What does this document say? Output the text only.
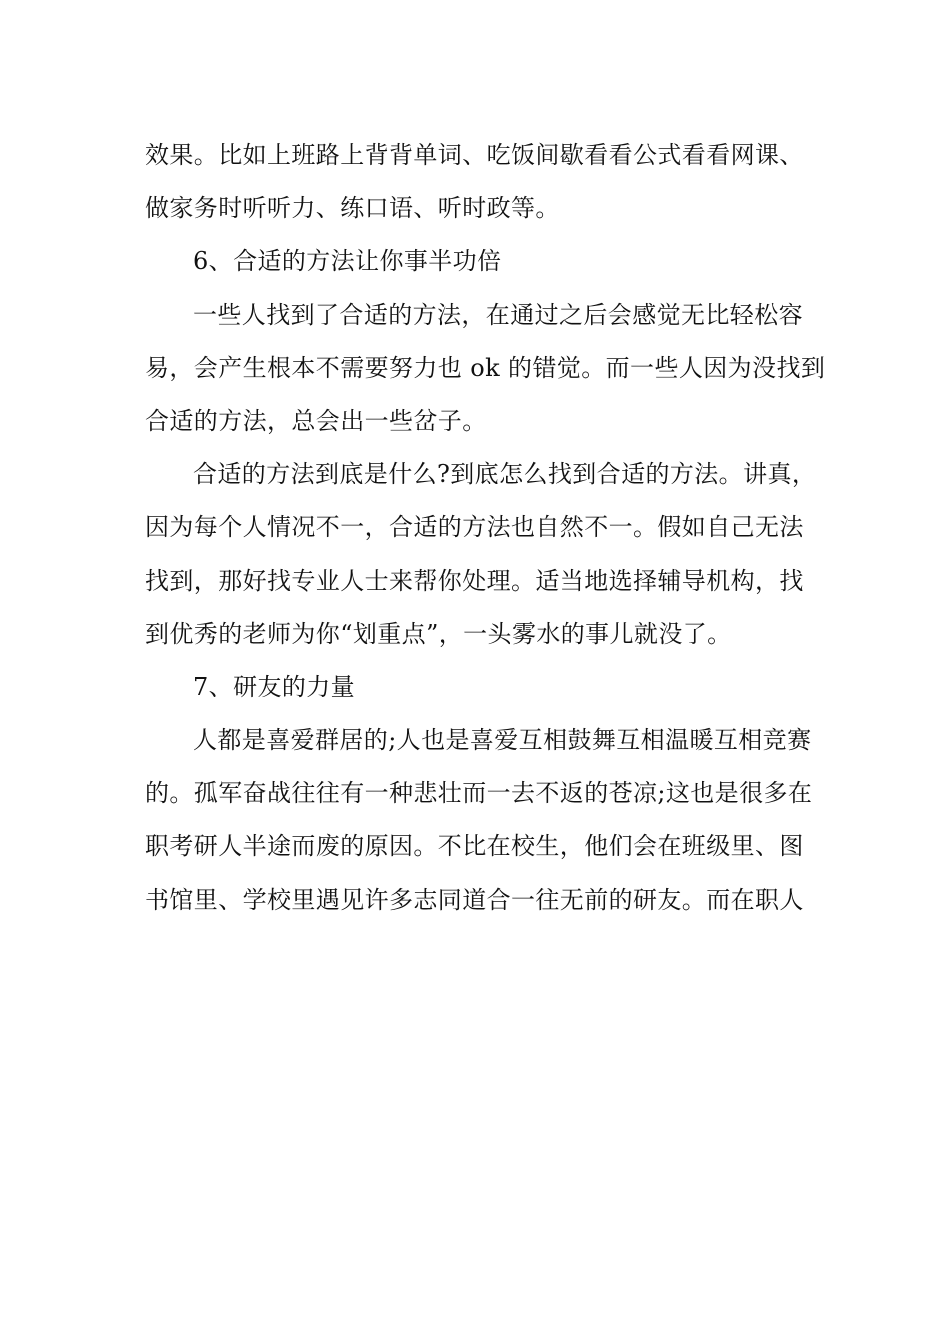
效果。比如上班路上背背单词、吃饭间歇看看公式看看网课、
做家务时听听力、练口语、听时政等。
6、合适的方法让你事半功倍
一些人找到了合适的方法，在通过之后会感觉无比轻松容
易，会产生根本不需要努力也 ok 的错觉。而一些人因为没找到
合适的方法，总会出一些岔子。
合适的方法到底是什么?到底怎么找到合适的方法。讲真，
因为每个人情况不一，合适的方法也自然不一。假如自己无法
找到，那好找专业人士来帮你处理。适当地选择辅导机构，找
到优秀的老师为你“划重点”，一头雾水的事儿就没了。
7、研友的力量
人都是喜爱群居的;人也是喜爱互相鼓舞互相温暖互相竞赛
的。孤军奋战往往有一种悲壮而一去不返的苍凉;这也是很多在
职考研人半途而废的原因。不比在校生，他们会在班级里、图
书馆里、学校里遇见许多志同道合一往无前的研友。而在职人
